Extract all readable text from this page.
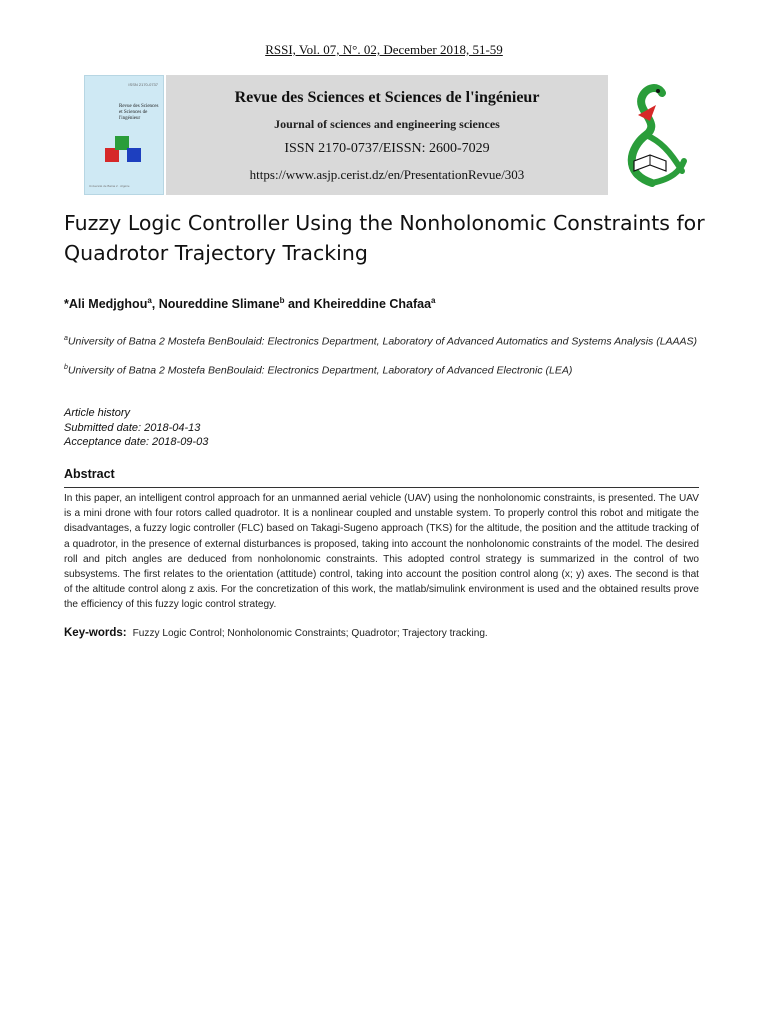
RSSI, Vol. 07, N°. 02, December 2018, 51-59
ISSN 2170-0737
Revue des Sciences
et Sciences de l'ingénieur
Université de Batna 2 · Algérie
Revue des Sciences et Sciences de l'ingénieur
Journal of sciences and engineering sciences
ISSN 2170-0737/EISSN: 2600-7029
https://www.asjp.cerist.dz/en/PresentationRevue/303
Fuzzy Logic Controller Using the Nonholonomic Constraints for Quadrotor Trajectory Tracking
*Ali Medjghou$^a$, Noureddine Slimane$^b$ and Kheireddine Chafaa$^a$
$^a$University of Batna 2 Mostefa BenBoulaid: Electronics Department, Laboratory of Advanced Automatics and Systems Analysis (LAAAS)
$^b$University of Batna 2 Mostefa BenBoulaid: Electronics Department, Laboratory of Advanced Electronic (LEA)
Article history
Submitted date: 2018-04-13
Acceptance date: 2018-09-03
Abstract
In this paper, an intelligent control approach for an unmanned aerial vehicle (UAV) using the nonholonomic constraints, is presented. The UAV is a mini drone with four rotors called quadrotor. It is a nonlinear coupled and unstable system. To properly control this robot and mitigate the disadvantages, a fuzzy logic controller (FLC) based on Takagi-Sugeno approach (TKS) for the altitude, the position and the attitude tracking of a quadrotor, in the presence of external disturbances is proposed, taking into account the nonholonomic constraints of the model. The desired roll and pitch angles are deduced from nonholonomic constraints. This adopted control strategy is summarized in the control of two subsystems. The first relates to the orientation (attitude) control, taking into account the position control along (x; y) axes. The second is that of the altitude control along z axis. For the concretization of this work, the matlab/simulink environment is used and the obtained results prove the efficiency of this fuzzy logic control strategy.
Key-words: Fuzzy Logic Control; Nonholonomic Constraints; Quadrotor; Trajectory tracking.
